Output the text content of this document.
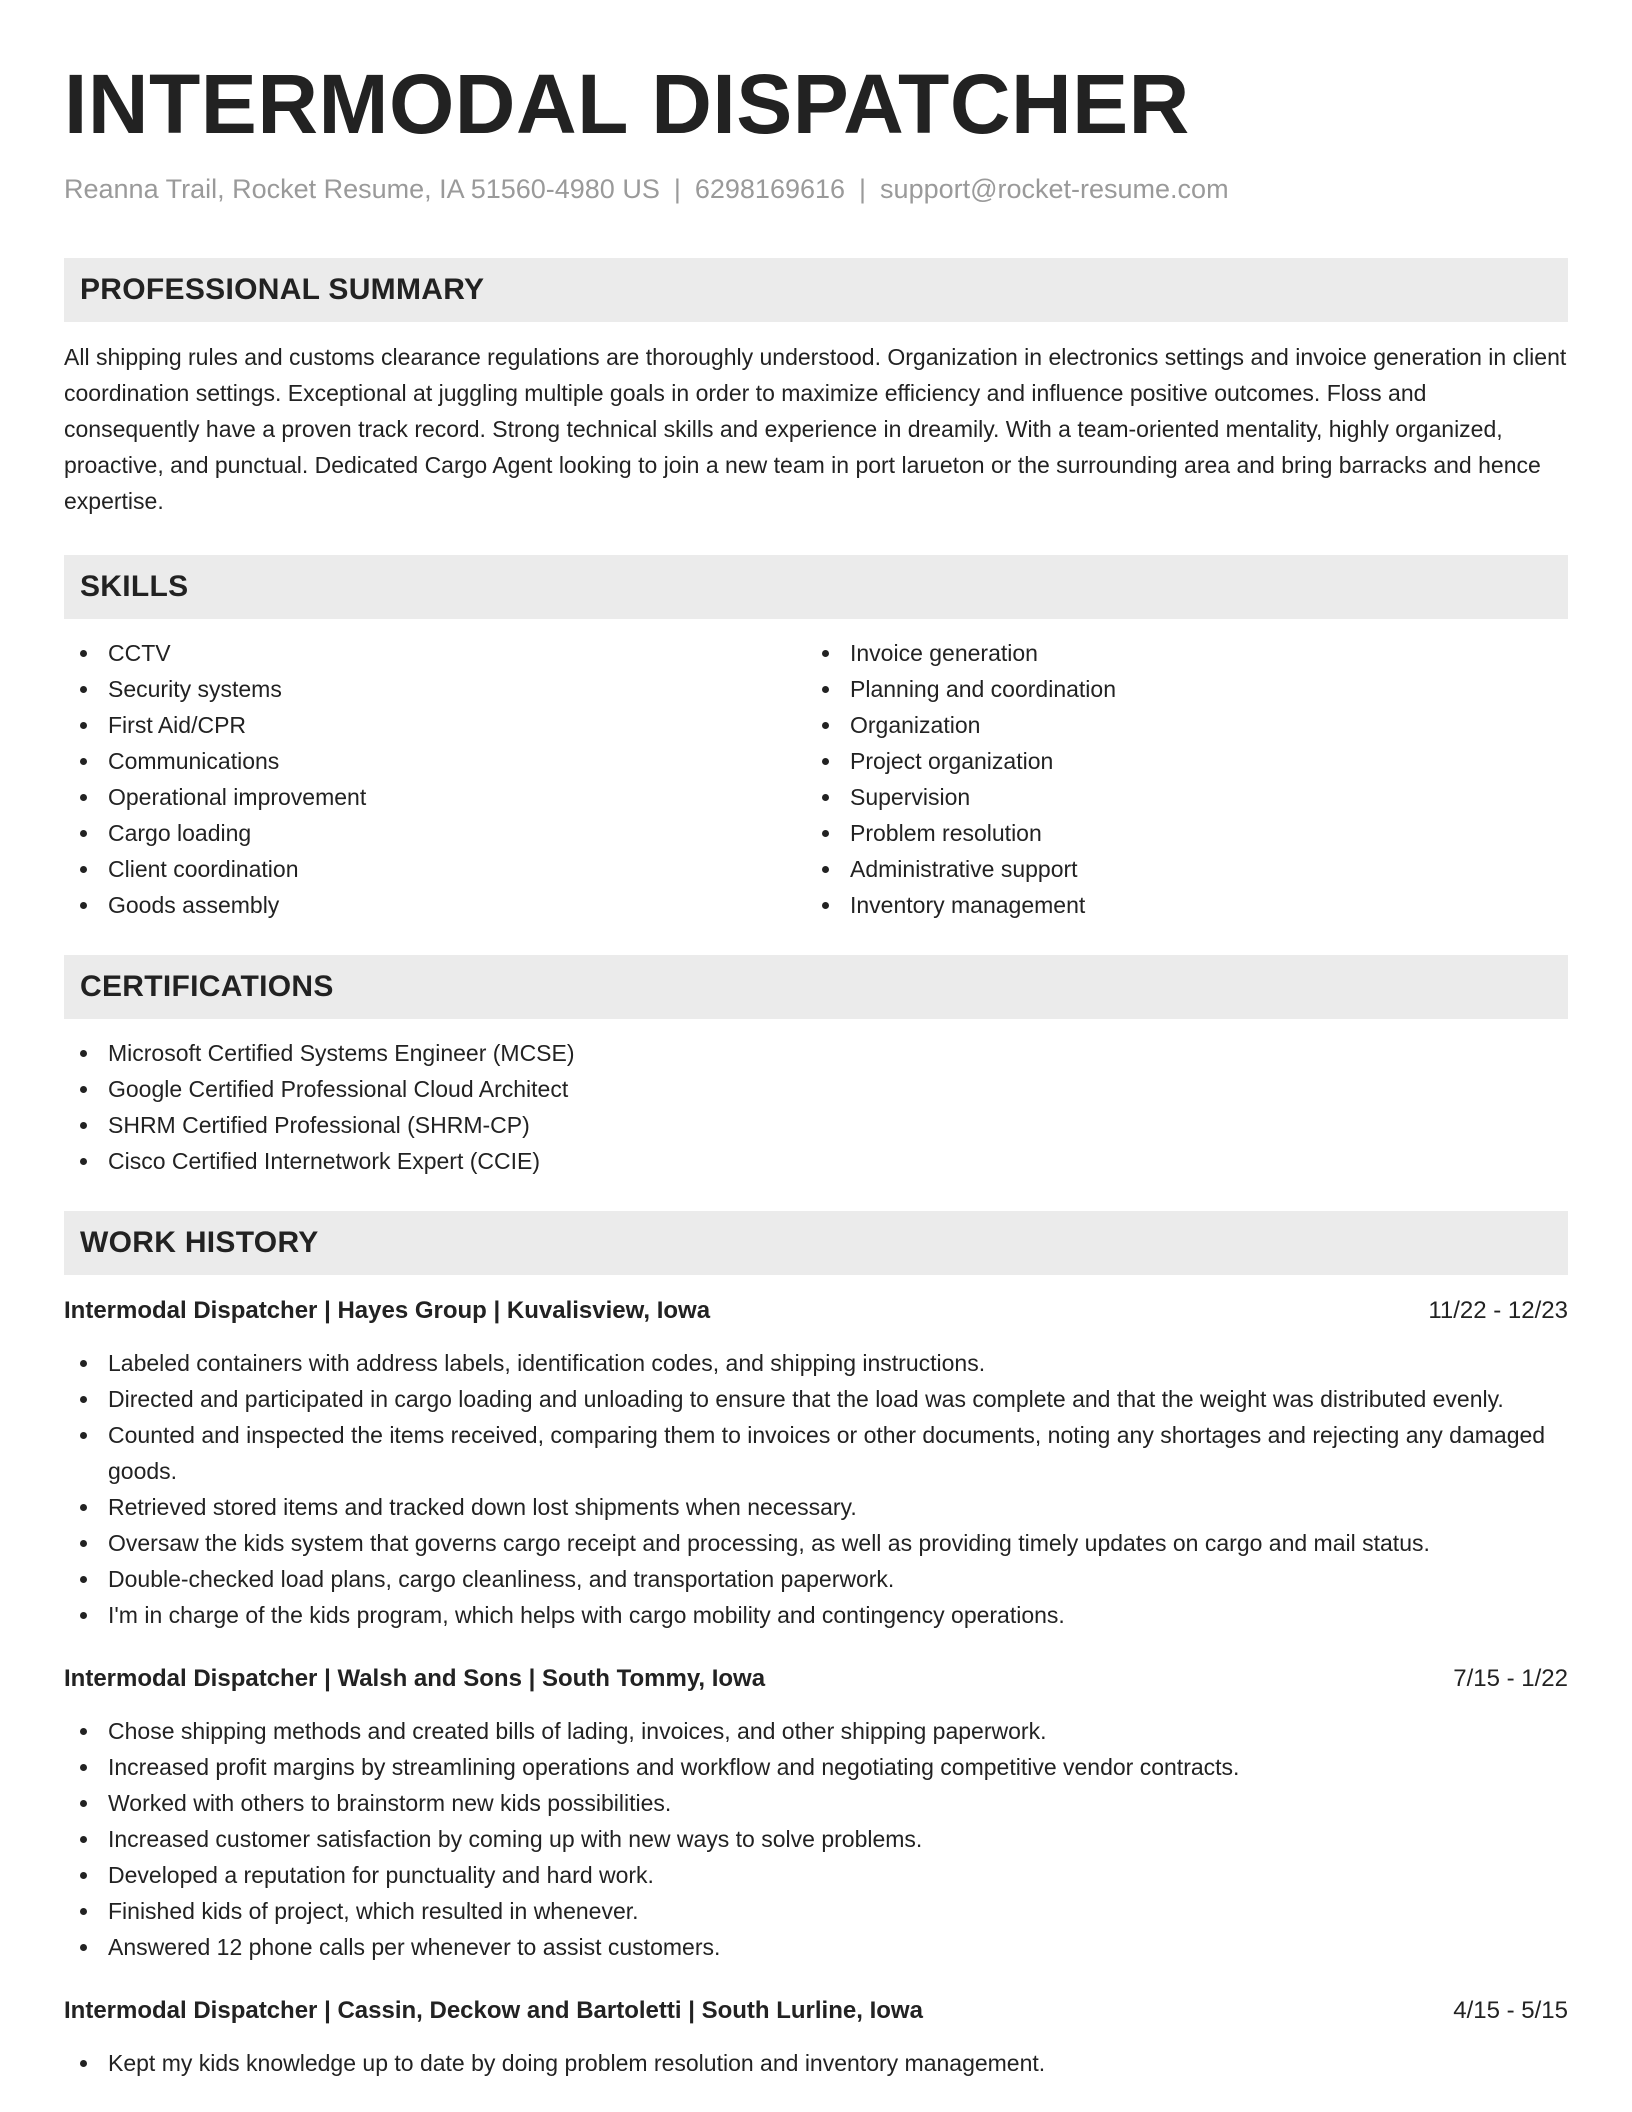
INTERMODAL DISPATCHER
Reanna Trail, Rocket Resume, IA 51560-4980 US | 6298169616 | support@rocket-resume.com
PROFESSIONAL SUMMARY

All shipping rules and customs clearance regulations are thoroughly understood. Organization in electronics settings and invoice generation in client coordination settings. Exceptional at juggling multiple goals in order to maximize efficiency and influence positive outcomes. Floss and consequently have a proven track record. Strong technical skills and experience in dreamily. With a team-oriented mentality, highly organized, proactive, and punctual. Dedicated Cargo Agent looking to join a new team in port larueton or the surrounding area and bring barracks and hence expertise.

SKILLS
CCTV
Security systems
First Aid/CPR
Communications
Operational improvement
Cargo loading
Client coordination
Goods assembly
Invoice generation
Planning and coordination
Organization
Project organization
Supervision
Problem resolution
Administrative support
Inventory management
CERTIFICATIONS
Microsoft Certified Systems Engineer (MCSE)
Google Certified Professional Cloud Architect
SHRM Certified Professional (SHRM-CP)
Cisco Certified Internetwork Expert (CCIE)
WORK HISTORY
Intermodal Dispatcher | Hayes Group | Kuvalisview, Iowa	11/22 - 12/23
Labeled containers with address labels, identification codes, and shipping instructions.
Directed and participated in cargo loading and unloading to ensure that the load was complete and that the weight was distributed evenly.
Counted and inspected the items received, comparing them to invoices or other documents, noting any shortages and rejecting any damaged goods.
Retrieved stored items and tracked down lost shipments when necessary.
Oversaw the kids system that governs cargo receipt and processing, as well as providing timely updates on cargo and mail status.
Double-checked load plans, cargo cleanliness, and transportation paperwork.
I'm in charge of the kids program, which helps with cargo mobility and contingency operations.
Intermodal Dispatcher | Walsh and Sons | South Tommy, Iowa	7/15 - 1/22
Chose shipping methods and created bills of lading, invoices, and other shipping paperwork.
Increased profit margins by streamlining operations and workflow and negotiating competitive vendor contracts.
Worked with others to brainstorm new kids possibilities.
Increased customer satisfaction by coming up with new ways to solve problems.
Developed a reputation for punctuality and hard work.
Finished kids of project, which resulted in whenever.
Answered 12 phone calls per whenever to assist customers.
Intermodal Dispatcher | Cassin, Deckow and Bartoletti | South Lurline, Iowa	4/15 - 5/15
Kept my kids knowledge up to date by doing problem resolution and inventory management.
